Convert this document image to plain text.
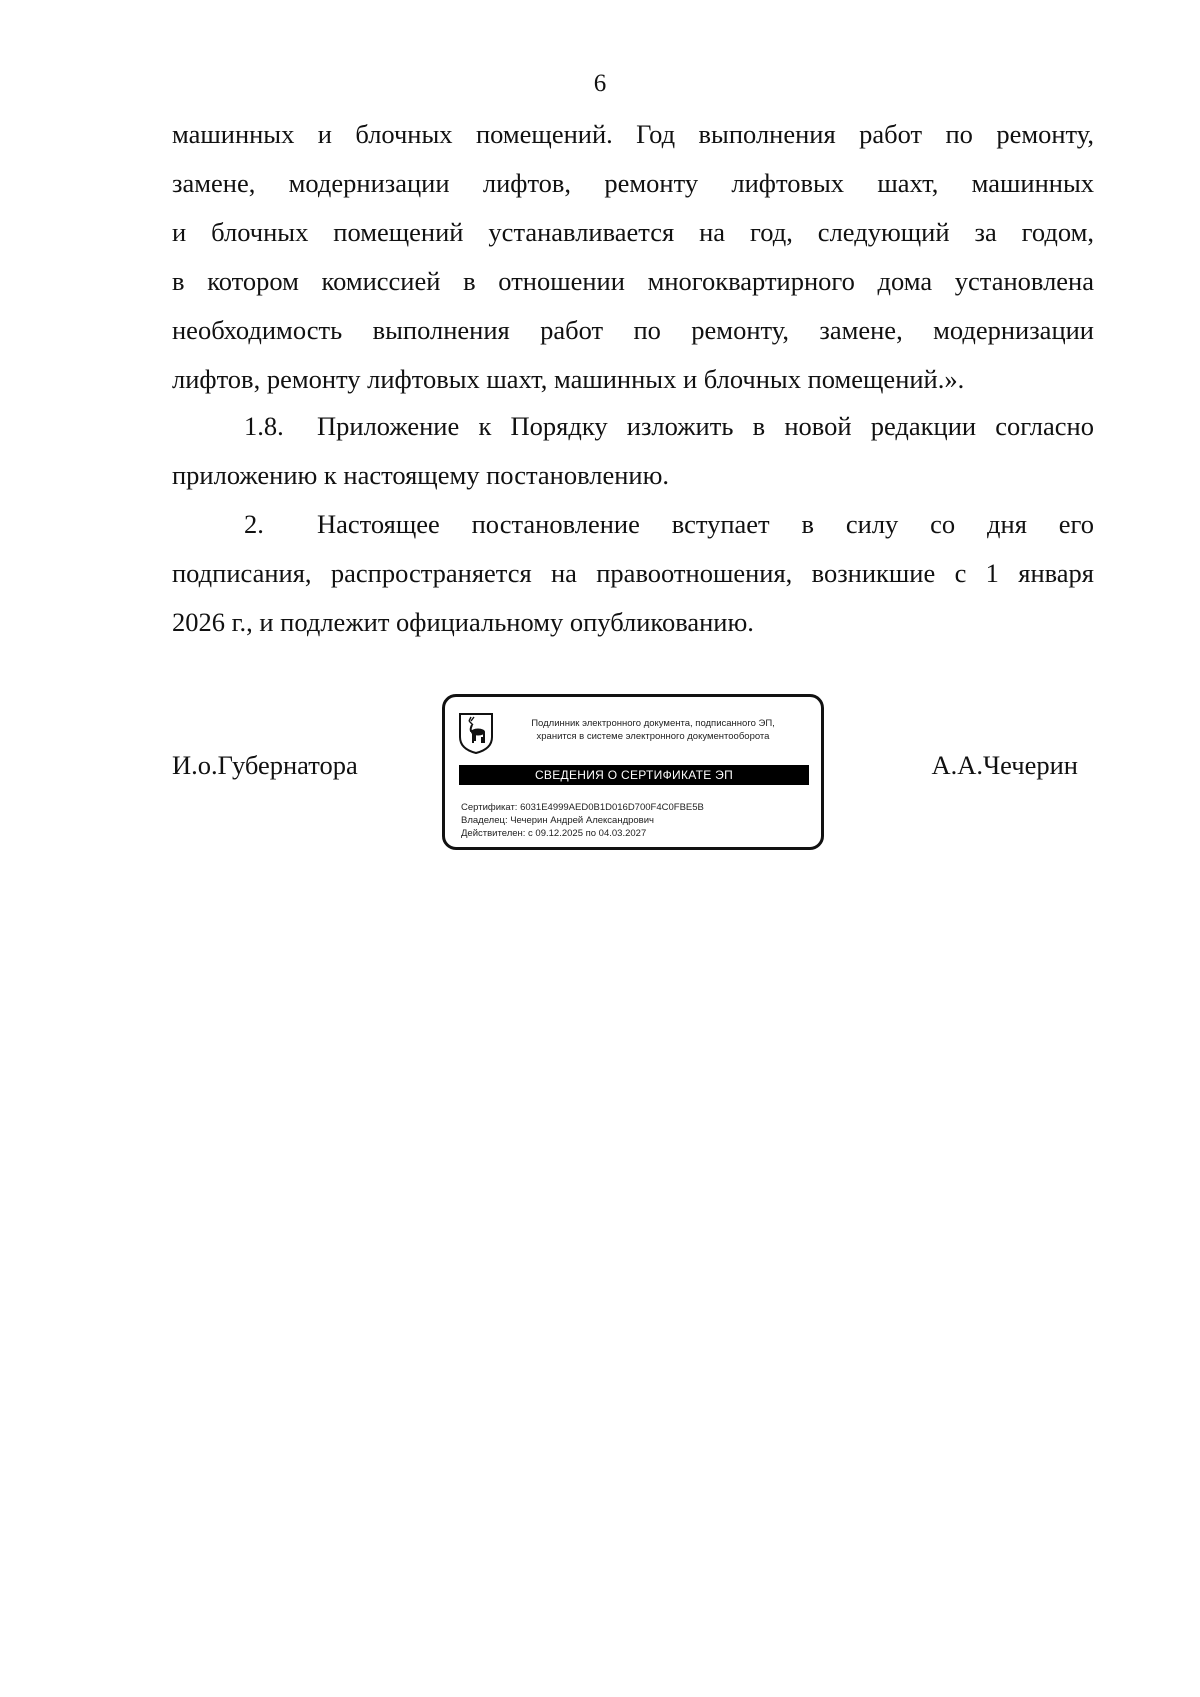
6
машинных и блочных помещений. Год выполнения работ по ремонту,
замене, модернизации лифтов, ремонту лифтовых шахт, машинных
и блочных помещений устанавливается на год, следующий за годом,
в котором комиссией в отношении многоквартирного дома установлена
необходимость выполнения работ по ремонту, замене, модернизации
лифтов, ремонту лифтовых шахт, машинных и блочных помещений.».
1.8. Приложение к Порядку изложить в новой редакции согласно
приложению к настоящему постановлению.
2. Настоящее постановление вступает в силу со дня его
подписания, распространяется на правоотношения, возникшие с 1 января
2026 г., и подлежит официальному опубликованию.
И.о.Губернатора
Подлинник электронного документа, подписанного ЭП,
хранится в системе электронного документооборота
СВЕДЕНИЯ О СЕРТИФИКАТЕ ЭП
Сертификат: 6031E4999AED0B1D016D700F4C0FBE5B
Владелец: Чечерин Андрей Александрович
Действителен: с 09.12.2025 по 04.03.2027
А.А.Чечерин
